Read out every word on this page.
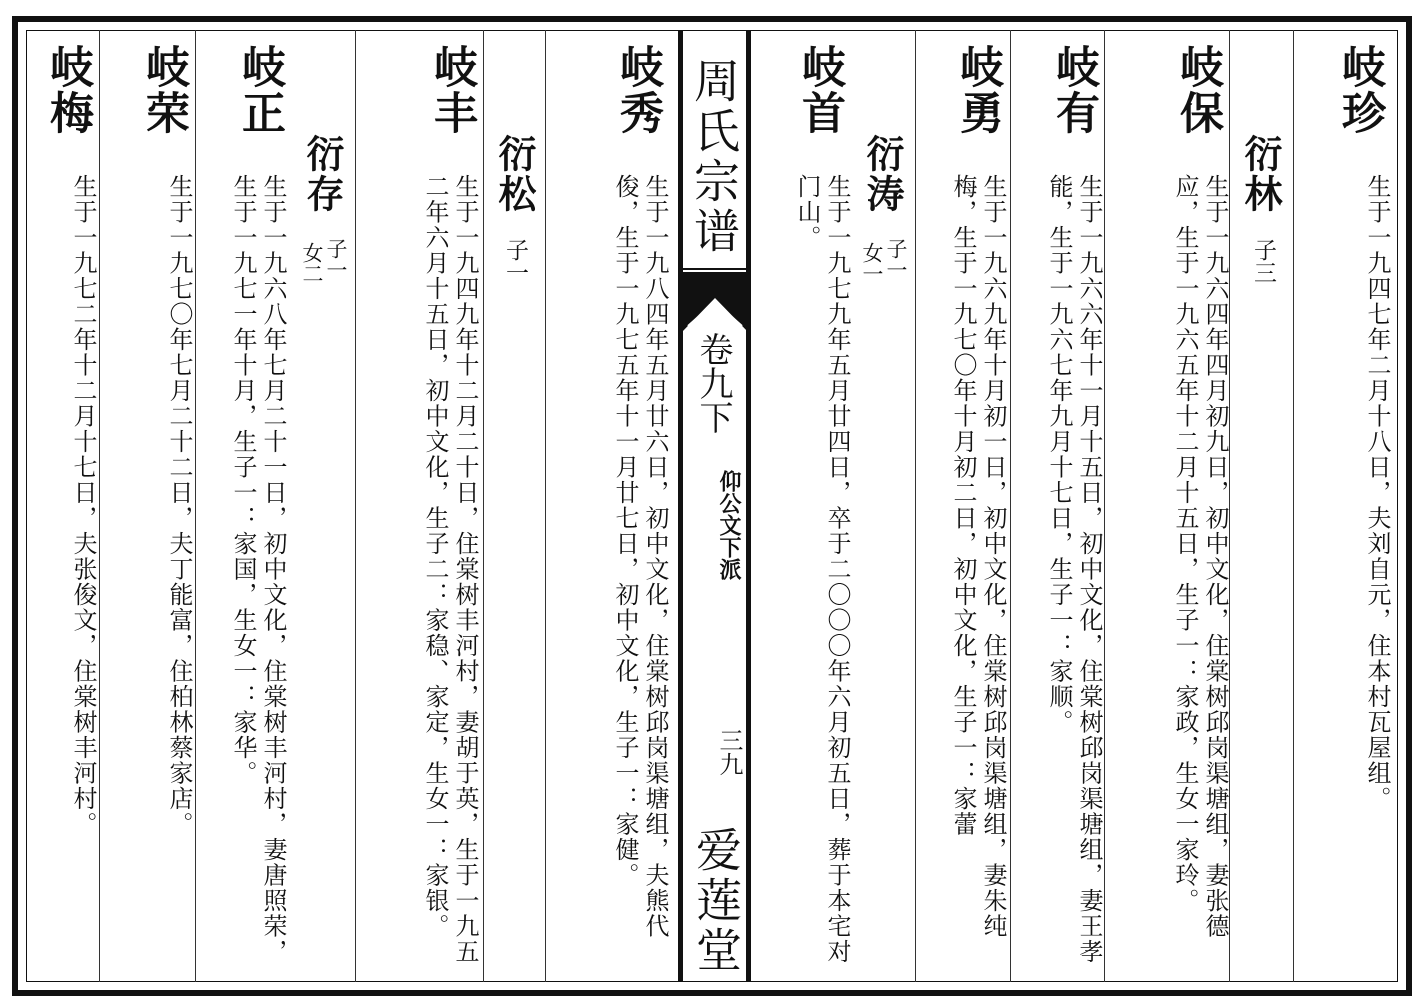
周氏宗谱
卷九下
仰公文下派
三九
爱莲堂
岐珍
生于一九四七年二月十八日，夫刘自元，住本村瓦屋组。
衍林
子三
岐保
生于一九六四年四月初九日，初中文化，住棠树邱岗渠塘组，妻张德应，生于一九六五年十二月十五日，生子一：家政，生女一家玲。
岐有
生于一九六六年十一月十五日，初中文化，住棠树邱岗渠塘组，妻王孝能，生于一九六七年九月十七日，生子一：家顺。
岐勇
生于一九六九年十月初一日，初中文化，住棠树邱岗渠塘组，妻朱纯梅，生于一九七〇年十月初二日，初中文化，生子一：家蕾
衍涛
子一
女一
岐首
生于一九七九年五月廿四日，卒于二〇〇〇年六月初五日，葬于本宅对门山。
岐秀
生于一九八四年五月廿六日，初中文化，住棠树邱岗渠塘组，夫熊代俊，生于一九七五年十一月廿七日，初中文化，生子一：家健。
衍松
子一
岐丰
生于一九四九年十二月二十日，住棠树丰河村，妻胡于英，生于一九五二年六月十五日，初中文化，生子二：家稳、家定，生女一：家银。
衍存
子一
女二
岐正
生于一九六八年七月二十一日，初中文化，住棠树丰河村，妻唐照荣，生于一九七一年十月，生子一：家国，生女一：家华。
岐荣
生于一九七〇年七月二十二日，夫丁能富，住柏林蔡家店。
岐梅
生于一九七二年十二月十七日，夫张俊文，住棠树丰河村。
